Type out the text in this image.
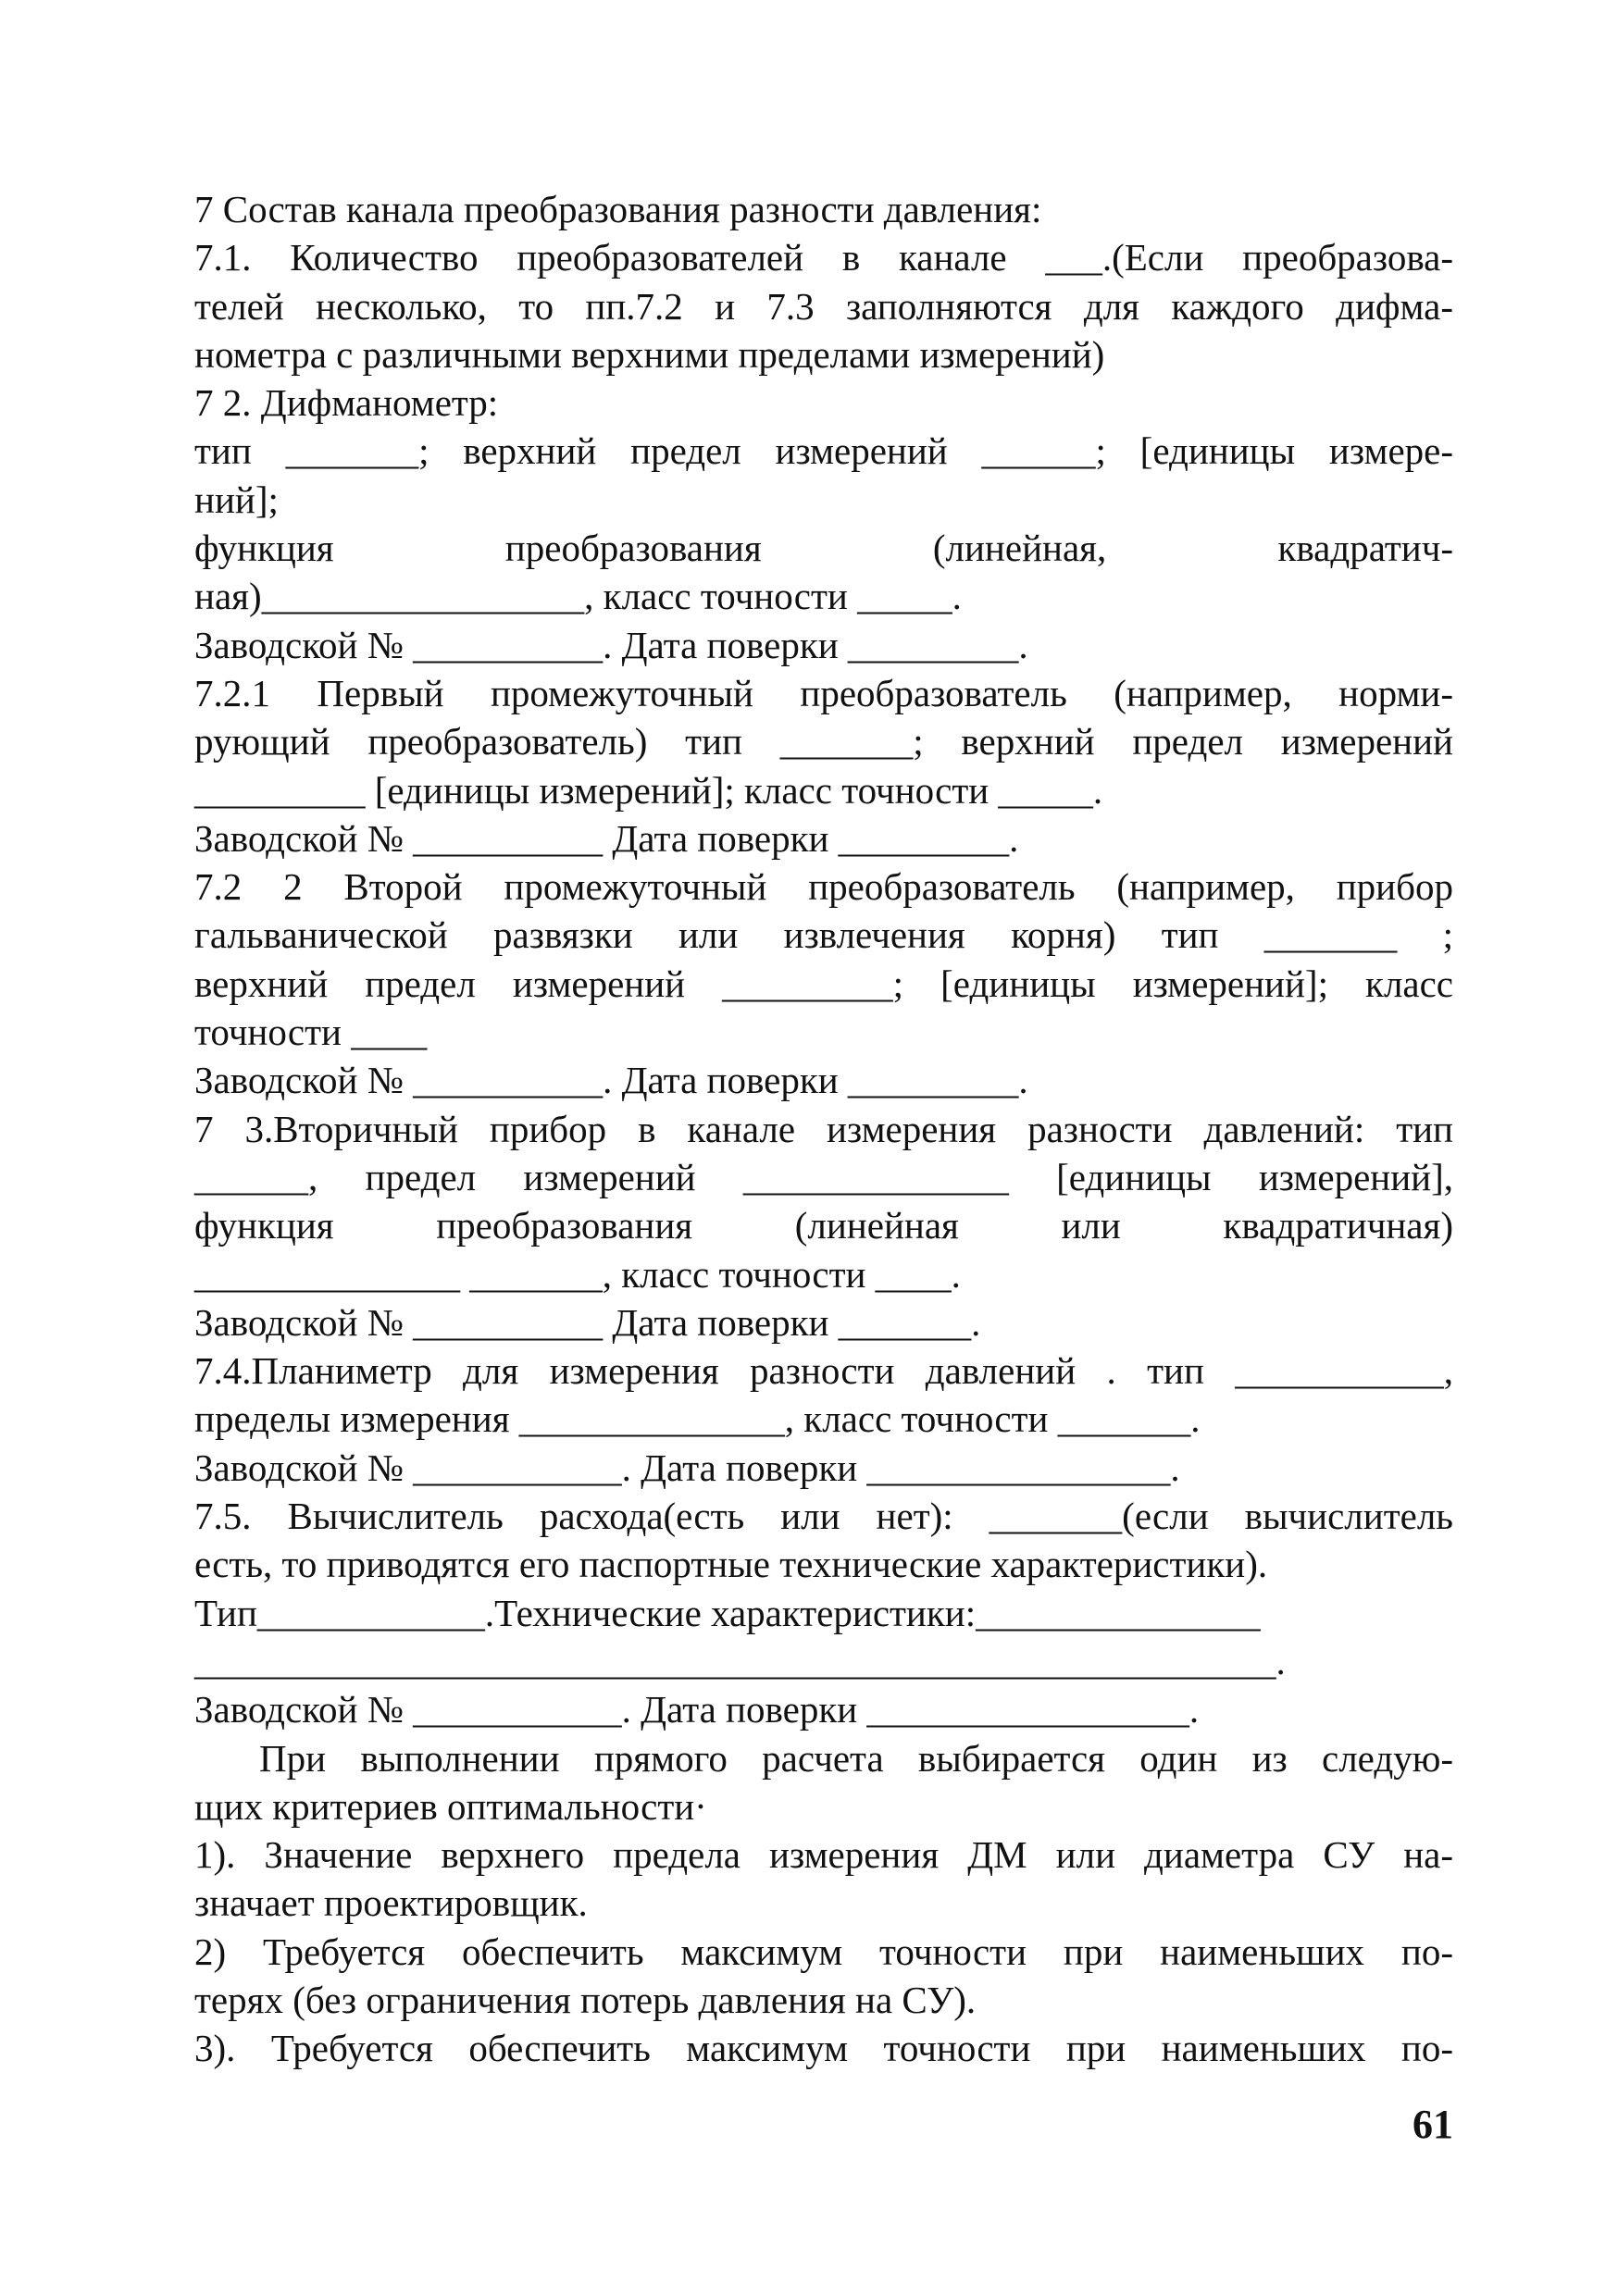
7 Состав канала преобразования разности давления:
7.1. Количество преобразователей в канале ___.(Если преобразова-
телей несколько, то пп.7.2 и 7.3 заполняются для каждого дифма-
нометра с различными верхними пределами измерений)
7 2. Дифманометр:
тип _______; верхний предел измерений ______; [единицы измере-
ний];
функция преобразования (линейная, квадратич-
ная)_________________, класс точности _____.
Заводской № __________. Дата поверки _________.
7.2.1 Первый промежуточный преобразователь (например, норми-
рующий преобразователь) тип _______; верхний предел измерений
_________ [единицы измерений]; класс точности _____.
Заводской № __________ Дата поверки _________.
7.2 2 Второй промежуточный преобразователь (например, прибор
гальванической развязки или извлечения корня) тип _______ ;
верхний предел измерений _________; [единицы измерений]; класс
точности ____
Заводской № __________. Дата поверки _________.
7 3.Вторичный прибор в канале измерения разности давлений: тип
______, предел измерений ______________ [единицы измерений],
функция преобразования (линейная или квадратичная)
______________ _______, класс точности ____.
Заводской № __________ Дата поверки _______.
7.4.Планиметр для измерения разности давлений . тип ___________,
пределы измерения ______________, класс точности _______.
Заводской № ___________. Дата поверки ________________.
7.5. Вычислитель расхода(есть или нет): _______(если вычислитель
есть, то приводятся его паспортные технические характеристики).
Тип____________.Технические характеристики:_______________
_________________________________________________________.
Заводской № ___________. Дата поверки _________________.
При выполнении прямого расчета выбирается один из следую-
щих критериев оптимальности·
1). Значение верхнего предела измерения ДМ или диаметра СУ на-
значает проектировщик.
2) Требуется обеспечить максимум точности при наименьших по-
терях (без ограничения потерь давления на СУ).
3). Требуется обеспечить максимум точности при наименьших по-
61
